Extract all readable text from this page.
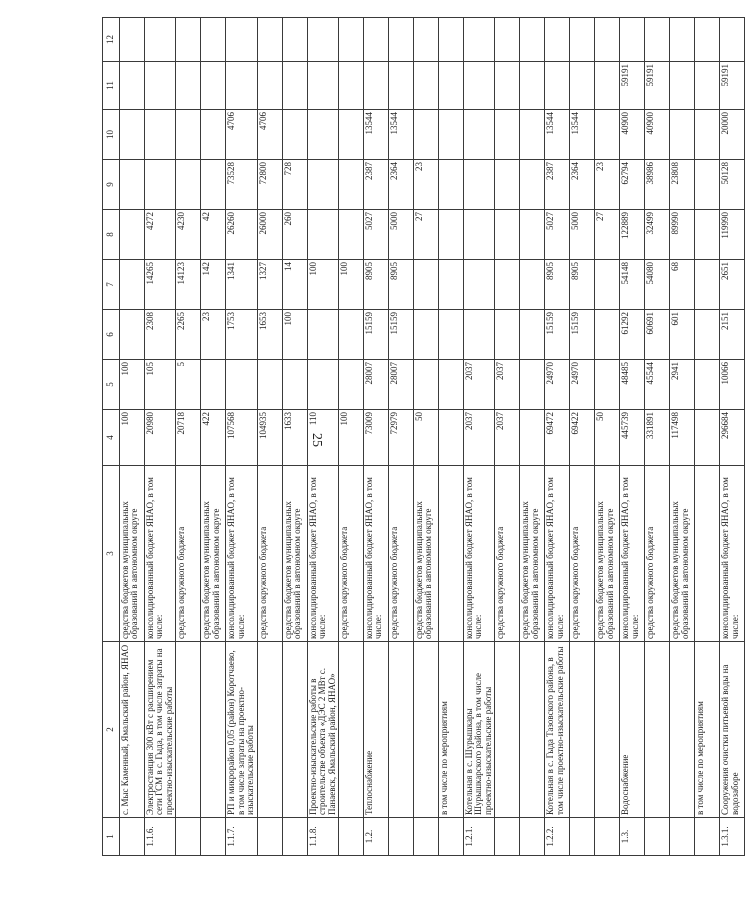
25
1	2	3	4	5	6	7	8	9	10	11	12
	с. Мыс Каменный, Ямальский район, ЯНАО	средства бюджетов муниципальных образований в автономном округе	100	100							
1.1.6.	Электростанция 300 кВт с расширением сети ГСМ в с. Гыда, в том числе затраты на проектно-изыскательские работы	консолидированный бюджет ЯНАО, в том числе:	20980	105	2308	14265	4272				
		средства окружного бюджета	20718	5	2265	14123	4230				
		средства бюджетов муниципальных образований в автономном округе	422		23	142	42				
1.1.7.	РП и микрорайон 0,05 (район) Коротчаево, в том числе затраты на проектно-изыскательские работы	консолидированный бюджет ЯНАО, в том числе:	107568		1753	1341	26260	73528	4706		
		средства окружного бюджета	104935		1653	1327	26000	72800	4706		
		средства бюджетов муниципальных образований в автономном округе	1633		100	14	260	728			
1.1.8.	Проектно-изыскательские работы в строительстве объекта «ДЭС 2 МВт с. Панаевск, Ямальский район, ЯНАО»	консолидированный бюджет ЯНАО, в том числе:	110			100					
		средства окружного бюджета	100			100					
1.2.	Теплоснабжение	консолидированный бюджет ЯНАО, в том числе:	73009	28007	15159	8905	5027	2387	13544		
		средства окружного бюджета	72979	28007	15159	8905	5000	2364	13544		
		средства бюджетов муниципальных образований в автономном округе	50				27	23			
	в том числе по мероприятиям										
1.2.1.	Котельная в с. Шурышкары Шурышкарского района, в том числе проектно-изыскательские работы	консолидированный бюджет ЯНАО, в том числе:	2037	2037							
		средства окружного бюджета	2037	2037							
		средства бюджетов муниципальных образований в автономном округе									
1.2.2.	Котельная в с. Гыда Тазовского района, в том числе проектно-изыскательские работы	консолидированный бюджет ЯНАО, в том числе:	69472	24970	15159	8905	5027	2387	13544		
		средства окружного бюджета	69422	24970	15159	8905	5000	2364	13544		
		средства бюджетов муниципальных образований в автономном округе	50				27	23			
1.3.	Водоснабжение	консолидированный бюджет ЯНАО, в том числе:	445739	48485	61292	54148	122889	62794	40900	59191	
		средства окружного бюджета	331891	45544	60691	54080	32499	38986	40900	59191	
		средства бюджетов муниципальных образований в автономном округе	117498	2941	601	68	89990	23808			
	в том числе по мероприятиям										
1.3.1.	Сооружения очистки питьевой воды на водозаборе	консолидированный бюджет ЯНАО, в том числе:	296684	10066	2151	2651	119990	50128	20000	59191	
